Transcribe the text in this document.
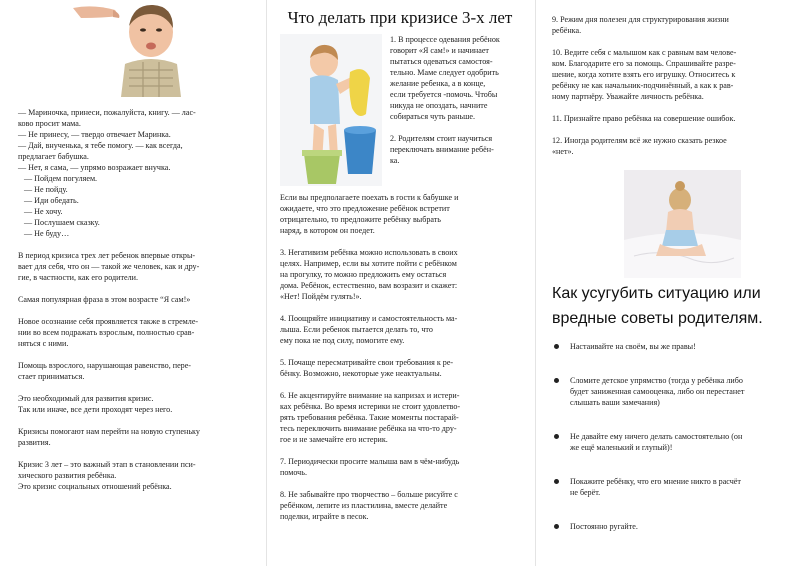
— Мариночка, принеси, пожалуйста, книгу. — лас-

ково просит мама.

— Не принесу, — твердо отвечает Маринка.

— Дай, внученька, я тебе помогу. — как всегда,

предлагает бабушка.

— Нет, я сама, — упрямо возражает внучка.

— Пойдем погуляем.

— Не пойду.

— Иди обедать.

— Не хочу.

— Послушаем сказку.

— Не буду…

В период кризиса трех лет ребенок впервые откры-

вает для себя, что он — такой же человек, как и дру-

гие, в частности, как его родители.

Самая популярная фраза в этом возрасте “Я сам!»

Новое осознание себя проявляется также в стремле-

нии во всем подражать взрослым, полностью срав-

няться с ними.

Помощь взрослого, нарушающая равенство, пере-

стает приниматься.

Это необходимый для развития кризис.

Так или иначе, все дети проходят через него.

Кризисы помогают нам перейти на новую ступеньку

развития.

Кризис 3 лет – это важный этап в становлении пси-

хического развития ребёнка.

Это кризис социальных отношений ребёнка.

Что делать при кризисе 3-х лет

1. В процессе одевания ребёнок

говорит «Я сам!» и начинает

пытаться одеваться самостоя-

тельно. Маме следует одобрить

желание ребенка, а в конце,

если требуется -помочь. Чтобы

никуда не опоздать, начните

собираться чуть раньше.

2. Родителям стоит научиться

переключать внимание ребён-

ка.

Если вы предполагаете поехать в гости к бабушке и

ожидаете, что это предложение ребёнок встретит

отрицательно, то предложите ребёнку выбрать

наряд, в котором он поедет.

3. Негативизм ребёнка можно использовать в своих

целях. Например, если вы хотите пойти с ребёнком

на прогулку, то можно предложить ему остаться

дома. Ребёнок, естественно, вам возразит и скажет:

«Нет! Пойдём гулять!».

4. Поощряйте инициативу и самостоятельность ма-

лыша. Если ребенок пытается делать то, что

ему пока не под силу, помогите ему.

5. Почаще пересматривайте свои требования к ре-

бёнку. Возможно, некоторые уже неактуальны.

6. Не акцентируйте внимание на капризах и истери-

ках ребёнка. Во время истерики не стоит удовлетво-

рять требования ребёнка. Такие моменты постарай-

тесь переключить внимание ребёнка на что-то дру-

гое и не замечайте его истерик.

7. Периодически просите малыша вам в чём-нибудь

помочь.

8. Не забывайте про творчество – больше рисуйте с

ребёнком, лепите из пластилина, вместе делайте

поделки, играйте в песок.

9. Режим дня полезен для структурирования жизни

ребёнка.

10. Ведите себя с малышом как с равным вам челове-

ком. Благодарите его за помощь. Спрашивайте разре-

шение, когда хотите взять его игрушку. Относитесь к

ребёнку не как начальник-подчинённый, а как к рав-

ному партнёру. Уважайте личность ребёнка.

11. Признайте право ребёнка на совершение ошибок.

12. Иногда родителям всё же нужно сказать резкое

«нет».

Как усугубить ситуацию или

вредные советы родителям.

Настаивайте на своём, вы же правы!

Сломите детское упрямство (тогда у ребёнка либо

будет заниженная самооценка, либо он перестанет

слышать ваши замечания)

Не давайте ему ничего делать самостоятельно (он

же ещё маленький и глупый)!

Покажите ребёнку, что его мнение никто в расчёт

не берёт.

Постоянно ругайте.
